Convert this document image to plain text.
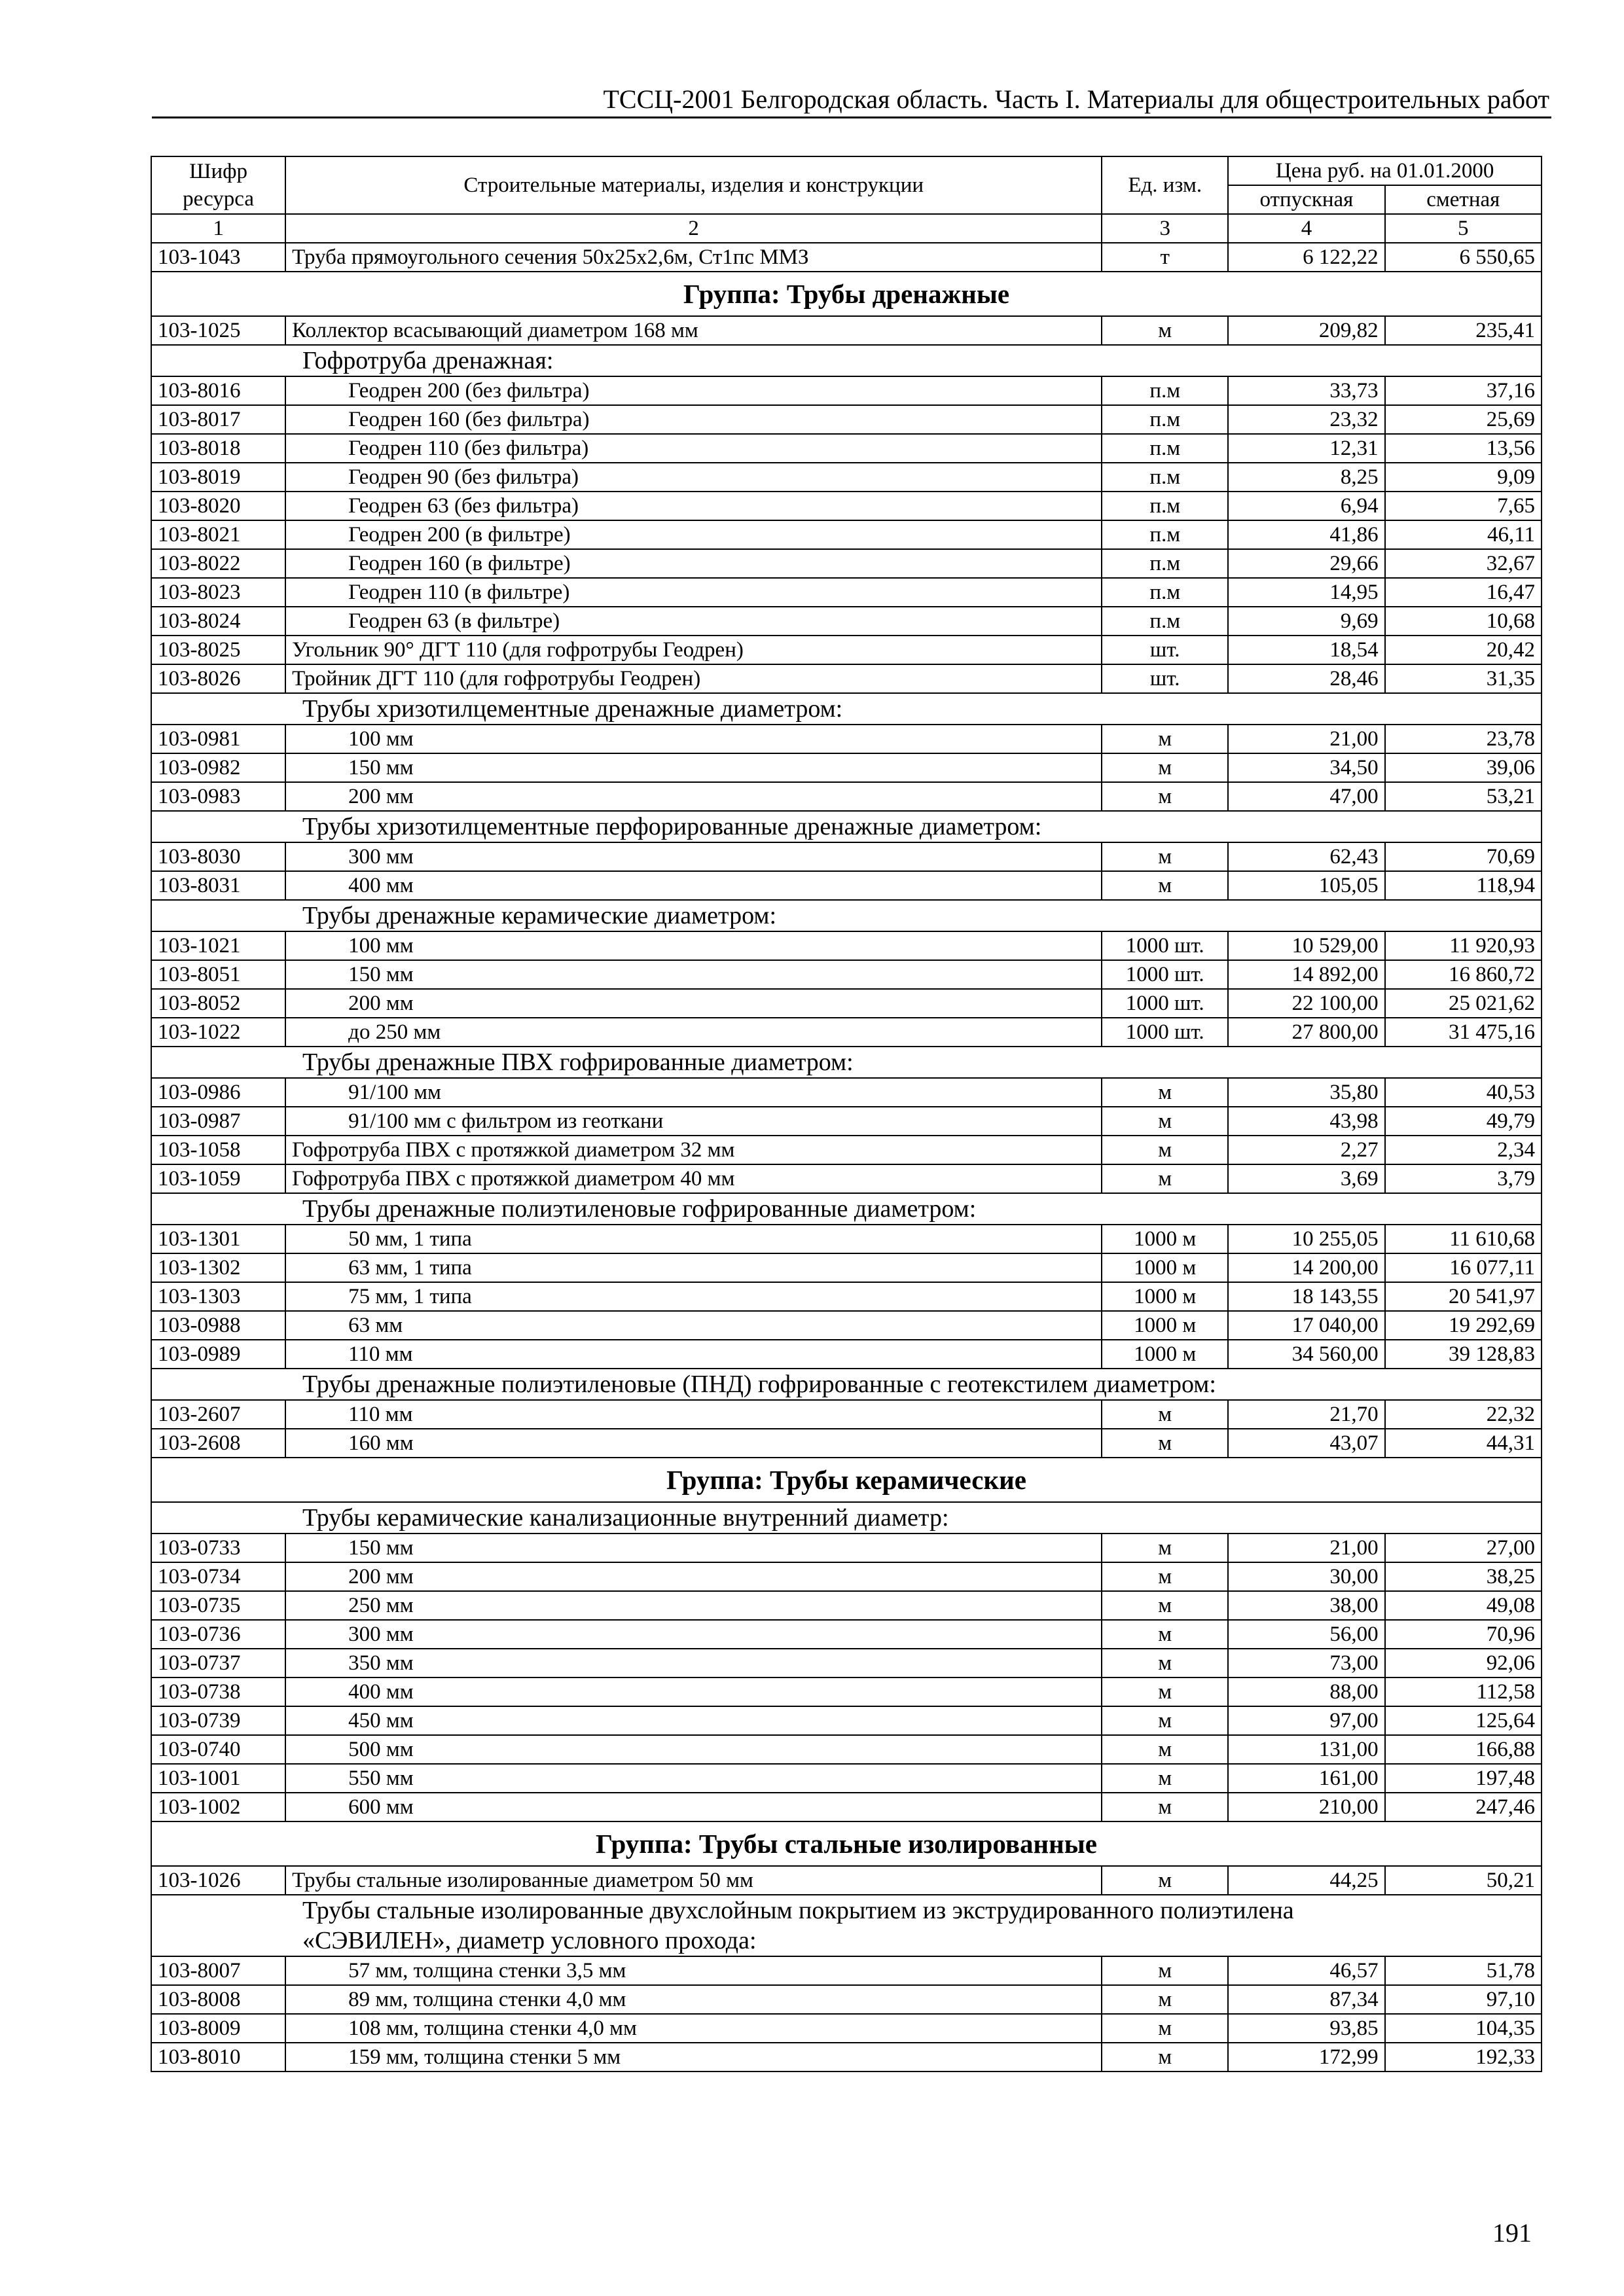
ТССЦ-2001 Белгородская область. Часть I. Материалы для общестроительных работ
Шифр ресурса	Строительные материалы, изделия и конструкции	Ед. изм.	Цена руб. на 01.01.2000	
			отпускная	сметная
1	2	3	4	5
103-1043	Труба прямоугольного сечения 50х25х2,6м, Ст1пс ММЗ	т	6 122,22	6 550,65
Группа: Трубы дренажные				
103-1025	Коллектор всасывающий диаметром 168 мм	м	209,82	235,41
Гофротруба дренажная:				
103-8016	Геодрен 200 (без фильтра)	п.м	33,73	37,16
103-8017	Геодрен 160 (без фильтра)	п.м	23,32	25,69
103-8018	Геодрен 110 (без фильтра)	п.м	12,31	13,56
103-8019	Геодрен 90 (без фильтра)	п.м	8,25	9,09
103-8020	Геодрен 63 (без фильтра)	п.м	6,94	7,65
103-8021	Геодрен 200 (в фильтре)	п.м	41,86	46,11
103-8022	Геодрен 160 (в фильтре)	п.м	29,66	32,67
103-8023	Геодрен 110 (в фильтре)	п.м	14,95	16,47
103-8024	Геодрен 63 (в фильтре)	п.м	9,69	10,68
103-8025	Угольник 90° ДГТ 110 (для гофротрубы Геодрен)	шт.	18,54	20,42
103-8026	Тройник ДГТ 110 (для гофротрубы Геодрен)	шт.	28,46	31,35
Трубы хризотилцементные дренажные диаметром:				
103-0981	100 мм	м	21,00	23,78
103-0982	150 мм	м	34,50	39,06
103-0983	200 мм	м	47,00	53,21
Трубы хризотилцементные перфорированные дренажные диаметром:				
103-8030	300 мм	м	62,43	70,69
103-8031	400 мм	м	105,05	118,94
Трубы дренажные керамические диаметром:				
103-1021	100 мм	1000 шт.	10 529,00	11 920,93
103-8051	150 мм	1000 шт.	14 892,00	16 860,72
103-8052	200 мм	1000 шт.	22 100,00	25 021,62
103-1022	до 250 мм	1000 шт.	27 800,00	31 475,16
Трубы дренажные ПВХ гофрированные диаметром:				
103-0986	91/100 мм	м	35,80	40,53
103-0987	91/100 мм с фильтром из геоткани	м	43,98	49,79
103-1058	Гофротруба ПВХ с протяжкой диаметром 32 мм	м	2,27	2,34
103-1059	Гофротруба ПВХ с протяжкой диаметром 40 мм	м	3,69	3,79
Трубы дренажные полиэтиленовые гофрированные диаметром:				
103-1301	50 мм, 1 типа	1000 м	10 255,05	11 610,68
103-1302	63 мм, 1 типа	1000 м	14 200,00	16 077,11
103-1303	75 мм, 1 типа	1000 м	18 143,55	20 541,97
103-0988	63 мм	1000 м	17 040,00	19 292,69
103-0989	110 мм	1000 м	34 560,00	39 128,83
Трубы дренажные полиэтиленовые (ПНД) гофрированные с геотекстилем диаметром:				
103-2607	110 мм	м	21,70	22,32
103-2608	160 мм	м	43,07	44,31
Группа: Трубы керамические				
Трубы керамические канализационные внутренний диаметр:				
103-0733	150 мм	м	21,00	27,00
103-0734	200 мм	м	30,00	38,25
103-0735	250 мм	м	38,00	49,08
103-0736	300 мм	м	56,00	70,96
103-0737	350 мм	м	73,00	92,06
103-0738	400 мм	м	88,00	112,58
103-0739	450 мм	м	97,00	125,64
103-0740	500 мм	м	131,00	166,88
103-1001	550 мм	м	161,00	197,48
103-1002	600 мм	м	210,00	247,46
Группа: Трубы стальные изолированные				
103-1026	Трубы стальные изолированные диаметром 50 мм	м	44,25	50,21

Трубы стальные изолированные двухслойным покрытием из экструдированного полиэтилена
«СЭВИЛЕН», диаметр условного прохода:				

103-8007	57 мм, толщина стенки 3,5 мм	м	46,57	51,78
103-8008	89 мм, толщина стенки 4,0 мм	м	87,34	97,10
103-8009	108 мм, толщина стенки 4,0 мм	м	93,85	104,35
103-8010	159 мм, толщина стенки 5 мм	м	172,99	192,33
191
